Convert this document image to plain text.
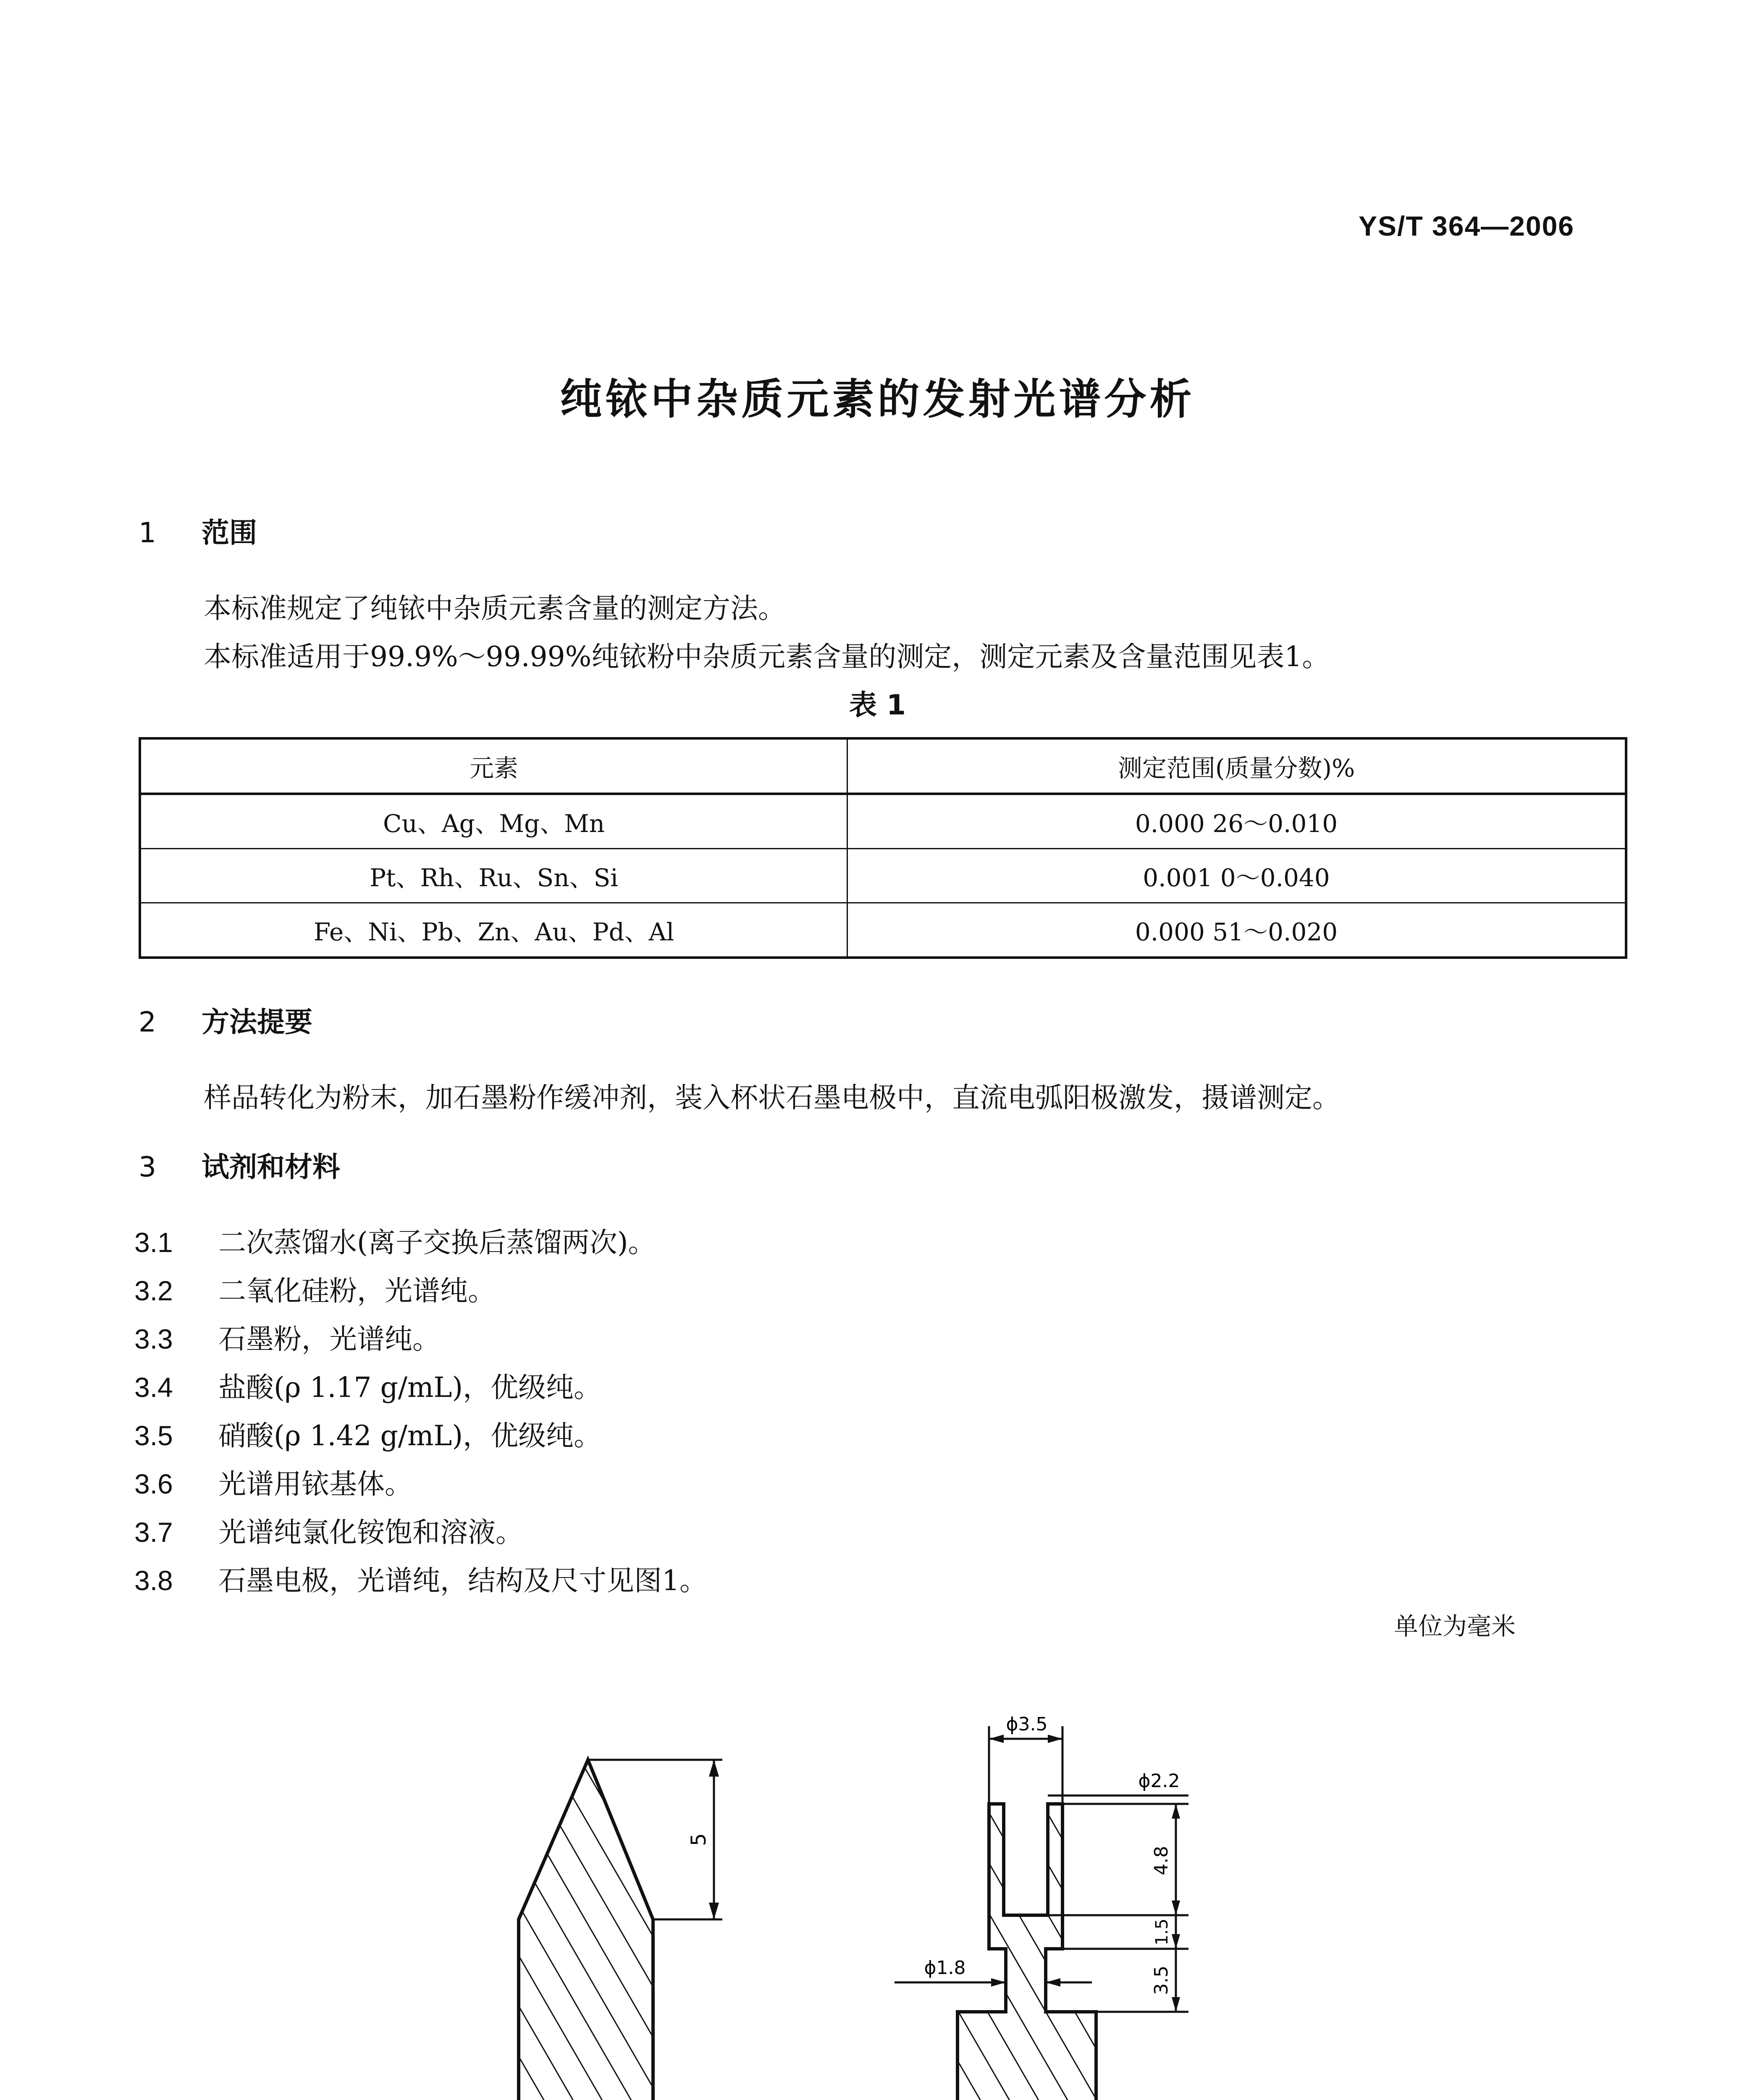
YS/T 364—2006
纯铱中杂质元素的发射光谱分析
1 范围
本标准规定了纯铱中杂质元素含量的测定方法。
本标准适用于99.9%～99.99%纯铱粉中杂质元素含量的测定，测定元素及含量范围见表1。
表 1
元素	测定范围(质量分数)%
Cu、Ag、Mg、Mn	0.000 26～0.010
Pt、Rh、Ru、Sn、Si	0.001 0～0.040
Fe、Ni、Pb、Zn、Au、Pd、Al	0.000 51～0.020
2 方法提要
样品转化为粉末，加石墨粉作缓冲剂，装入杯状石墨电极中，直流电弧阳极激发，摄谱测定。
3 试剂和材料
3.1 二次蒸馏水(离子交换后蒸馏两次)。
3.2 二氧化硅粉，光谱纯。
3.3 石墨粉，光谱纯。
3.4 盐酸(ρ 1.17 g/mL)，优级纯。
3.5 硝酸(ρ 1.42 g/mL)，优级纯。
3.6 光谱用铱基体。
3.7 光谱纯氯化铵饱和溶液。
3.8 石墨电极，光谱纯，结构及尺寸见图1。
单位为毫米
5
ϕ3.5
ϕ2.2
4.8
1.5
3.5
ϕ1.8
